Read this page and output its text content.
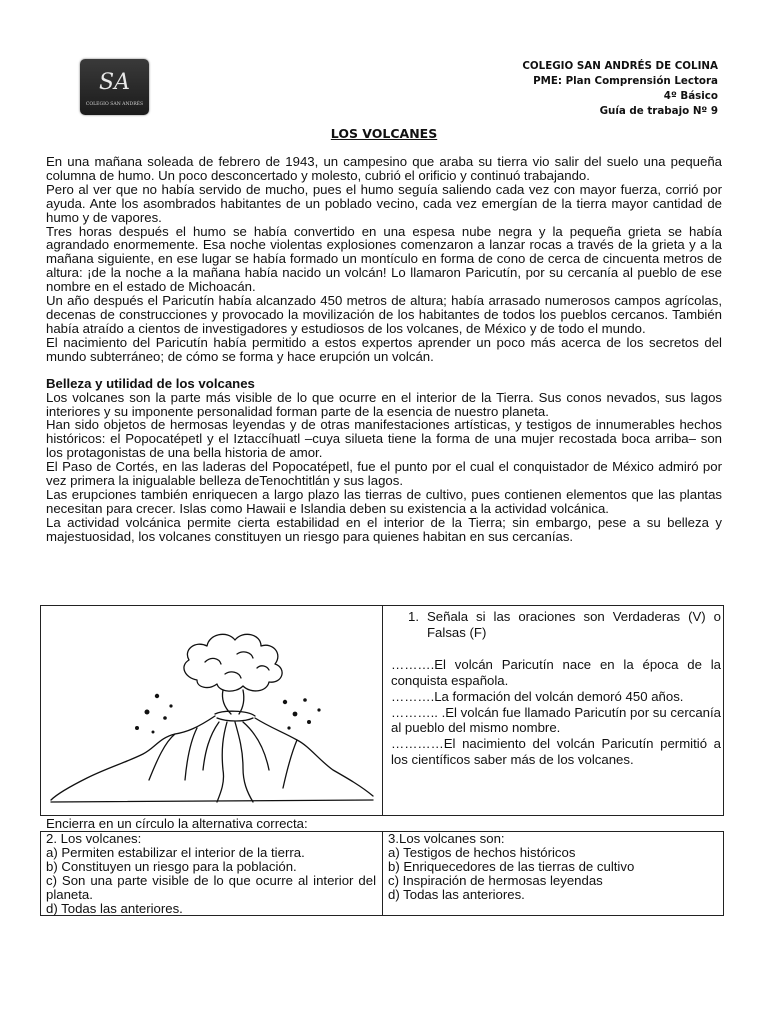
SA
COLEGIO SAN ANDRÉS
COLEGIO SAN ANDRÉS DE COLINA
PME: Plan Comprensión Lectora
4º Básico
Guía de trabajo Nº 9
LOS VOLCANES

En una mañana soleada de febrero de 1943, un campesino que araba su tierra vio salir del suelo una pequeña columna de humo. Un poco desconcertado y molesto, cubrió el orificio y continuó trabajando.

Pero al ver que no había servido de mucho, pues el humo seguía saliendo cada vez con mayor fuerza, corrió por ayuda. Ante los asombrados habitantes de un poblado vecino, cada vez emergían de la tierra mayor cantidad de humo y de vapores.

Tres horas después el humo se había convertido en una espesa nube negra y la pequeña grieta se había agrandado enormemente. Esa noche violentas explosiones comenzaron a lanzar rocas a través de la grieta y a la mañana siguiente, en ese lugar se había formado un montículo en forma de cono de cerca de cincuenta metros de altura: ¡de la noche a la mañana había nacido un volcán! Lo llamaron Paricutín, por su cercanía al pueblo de ese nombre en el estado de Michoacán.

Un año después el Paricutín había alcanzado 450 metros de altura; había arrasado numerosos campos agrícolas, decenas de construcciones y provocado la movilización de los habitantes de todos los pueblos cercanos. También había atraído a cientos de investigadores y estudiosos de los volcanes, de México y de todo el mundo.

El nacimiento del Paricutín había permitido a estos expertos aprender un poco más acerca de los secretos del mundo subterráneo; de cómo se forma y hace erupción un volcán.

Belleza y utilidad de los volcanes

Los volcanes son la parte más visible de lo que ocurre en el interior de la Tierra. Sus conos nevados, sus lagos interiores y su imponente personalidad forman parte de la esencia de nuestro planeta.

Han sido objetos de hermosas leyendas y de otras manifestaciones artísticas, y testigos de innumerables hechos históricos: el Popocatépetl y el Iztaccíhuatl –cuya silueta tiene la forma de una mujer recostada boca arriba– son los protagonistas de una bella historia de amor.

El Paso de Cortés, en las laderas del Popocatépetl, fue el punto por el cual el conquistador de México admiró por vez primera la inigualable belleza deTenochtitlán y sus lagos.

Las erupciones también enriquecen a largo plazo las tierras de cultivo, pues contienen elementos que las plantas necesitan para crecer. Islas como Hawaii e Islandia deben su existencia a la actividad volcánica.

La actividad volcánica permite cierta estabilidad en el interior de la Tierra; sin embargo, pese a su belleza y majestuosidad, los volcanes constituyen un riesgo para quienes habitan en sus cercanías.

1. Señala si las oraciones son Verdaderas (V) o Falsas (F)

……….El volcán Paricutín nace en la época de la conquista española.

……….La formación del volcán demoró 450 años.

……….. .El volcán fue llamado Paricutín por su cercanía al pueblo del mismo nombre.

…………El nacimiento del volcán Paricutín permitió a los científicos saber más de los volcanes.

Encierra en un círculo la alternativa correcta:

2. Los volcanes:

a) Permiten estabilizar el interior de la tierra.

b) Constituyen un riesgo para la población.

c) Son una parte visible de lo que ocurre al interior del planeta.

d) Todas las anteriores.

3.Los volcanes son:

a) Testigos de hechos históricos

b) Enriquecedores de las tierras de cultivo

c) Inspiración de hermosas leyendas

d) Todas las anteriores.
